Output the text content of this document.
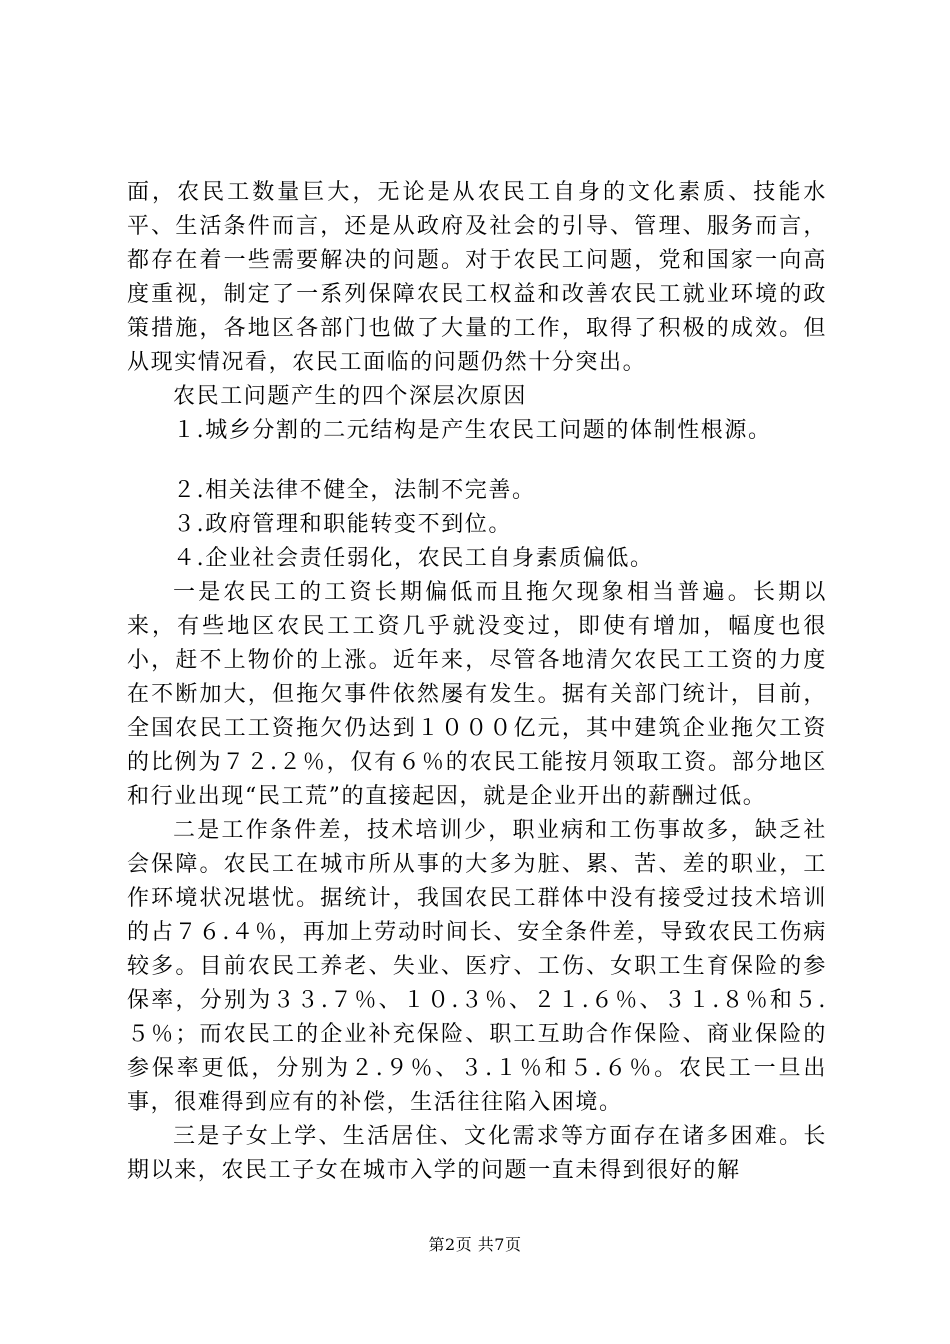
面，农民工数量巨大，无论是从农民工自身的文化素质、技能水平、生活条件而言，还是从政府及社会的引导、管理、服务而言，都存在着一些需要解决的问题。对于农民工问题，党和国家一向高度重视，制定了一系列保障农民工权益和改善农民工就业环境的政策措施，各地区各部门也做了大量的工作，取得了积极的成效。但从现实情况看，农民工面临的问题仍然十分突出。

农民工问题产生的四个深层次原因

１.城乡分割的二元结构是产生农民工问题的体制性根源。

２.相关法律不健全，法制不完善。

３.政府管理和职能转变不到位。

４.企业社会责任弱化，农民工自身素质偏低。

一是农民工的工资长期偏低而且拖欠现象相当普遍。长期以来，有些地区农民工工资几乎就没变过，即使有增加，幅度也很小，赶不上物价的上涨。近年来，尽管各地清欠农民工工资的力度在不断加大，但拖欠事件依然屡有发生。据有关部门统计，目前，全国农民工工资拖欠仍达到１０００亿元，其中建筑企业拖欠工资的比例为７２.２％，仅有６％的农民工能按月领取工资。部分地区和行业出现“民工荒”的直接起因，就是企业开出的薪酬过低。

二是工作条件差，技术培训少，职业病和工伤事故多，缺乏社会保障。农民工在城市所从事的大多为脏、累、苦、差的职业，工作环境状况堪忧。据统计，我国农民工群体中没有接受过技术培训的占７６.４％，再加上劳动时间长、安全条件差，导致农民工伤病较多。目前农民工养老、失业、医疗、工伤、女职工生育保险的参保率，分别为３３.７％、１０.３％、２１.６％、３１.８％和５.５％；而农民工的企业补充保险、职工互助合作保险、商业保险的参保率更低，分别为２.９％、３.１％和５.６％。农民工一旦出事，很难得到应有的补偿，生活往往陷入困境。

三是子女上学、生活居住、文化需求等方面存在诸多困难。长期以来，农民工子女在城市入学的问题一直未得到很好的解

第2页 共7页
